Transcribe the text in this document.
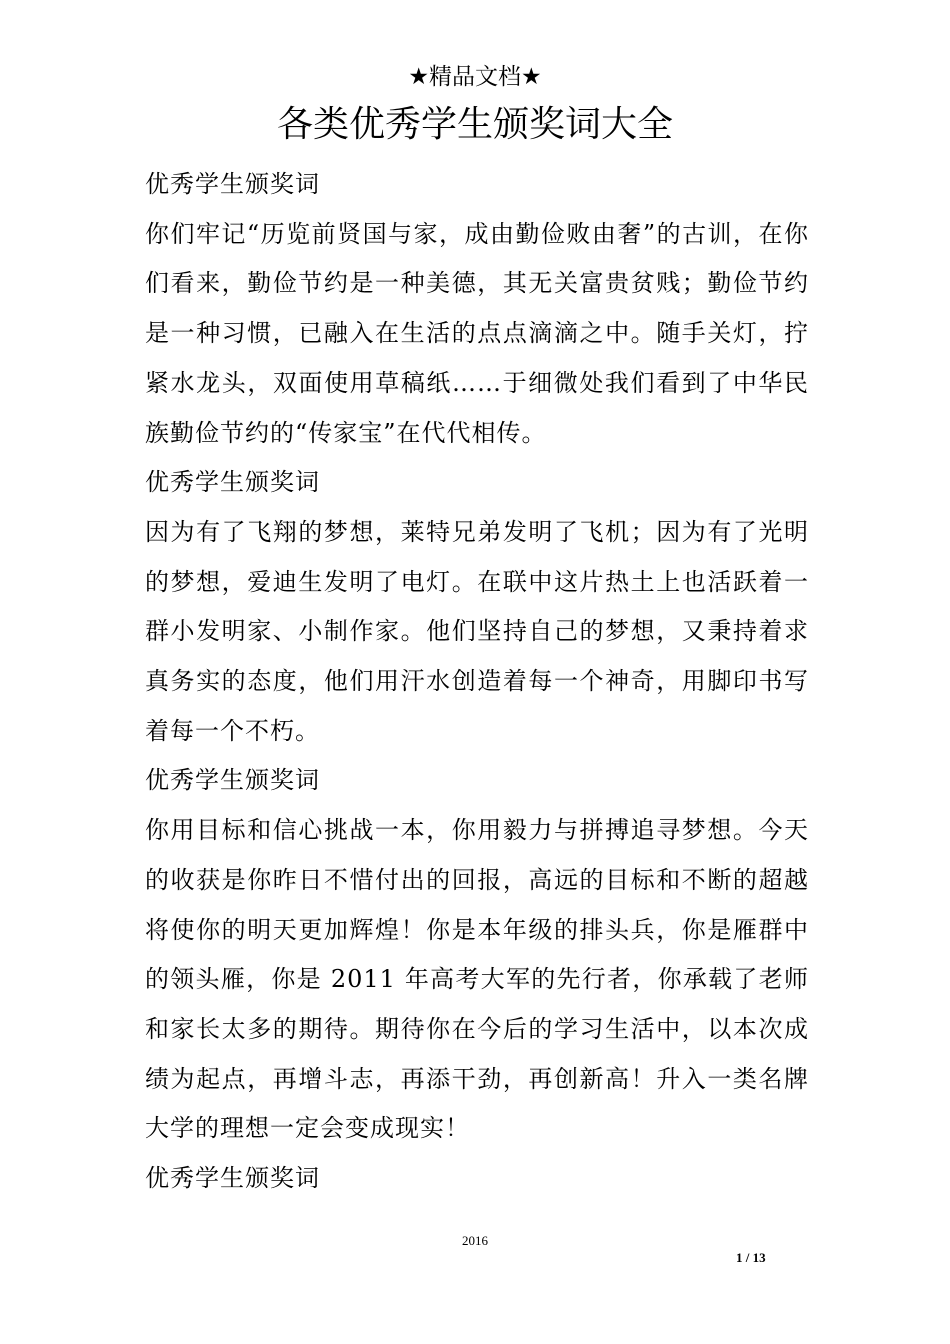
★精品文档★
各类优秀学生颁奖词大全

优秀学生颁奖词

你们牢记“历览前贤国与家，成由勤俭败由奢”的古训，在你们看来，勤俭节约是一种美德，其无关富贵贫贱；勤俭节约是一种习惯，已融入在生活的点点滴滴之中。随手关灯，拧紧水龙头，双面使用草稿纸……于细微处我们看到了中华民族勤俭节约的“传家宝”在代代相传。

优秀学生颁奖词

因为有了飞翔的梦想，莱特兄弟发明了飞机；因为有了光明的梦想，爱迪生发明了电灯。在联中这片热土上也活跃着一群小发明家、小制作家。他们坚持自己的梦想，又秉持着求真务实的态度，他们用汗水创造着每一个神奇，用脚印书写着每一个不朽。

优秀学生颁奖词

你用目标和信心挑战一本，你用毅力与拼搏追寻梦想。今天的收获是你昨日不惜付出的回报，高远的目标和不断的超越将使你的明天更加辉煌！你是本年级的排头兵，你是雁群中的领头雁，你是 2011 年高考大军的先行者，你承载了老师和家长太多的期待。期待你在今后的学习生活中，以本次成绩为起点，再增斗志，再添干劲，再创新高！升入一类名牌大学的理想一定会变成现实！

优秀学生颁奖词

2016
1 / 13
